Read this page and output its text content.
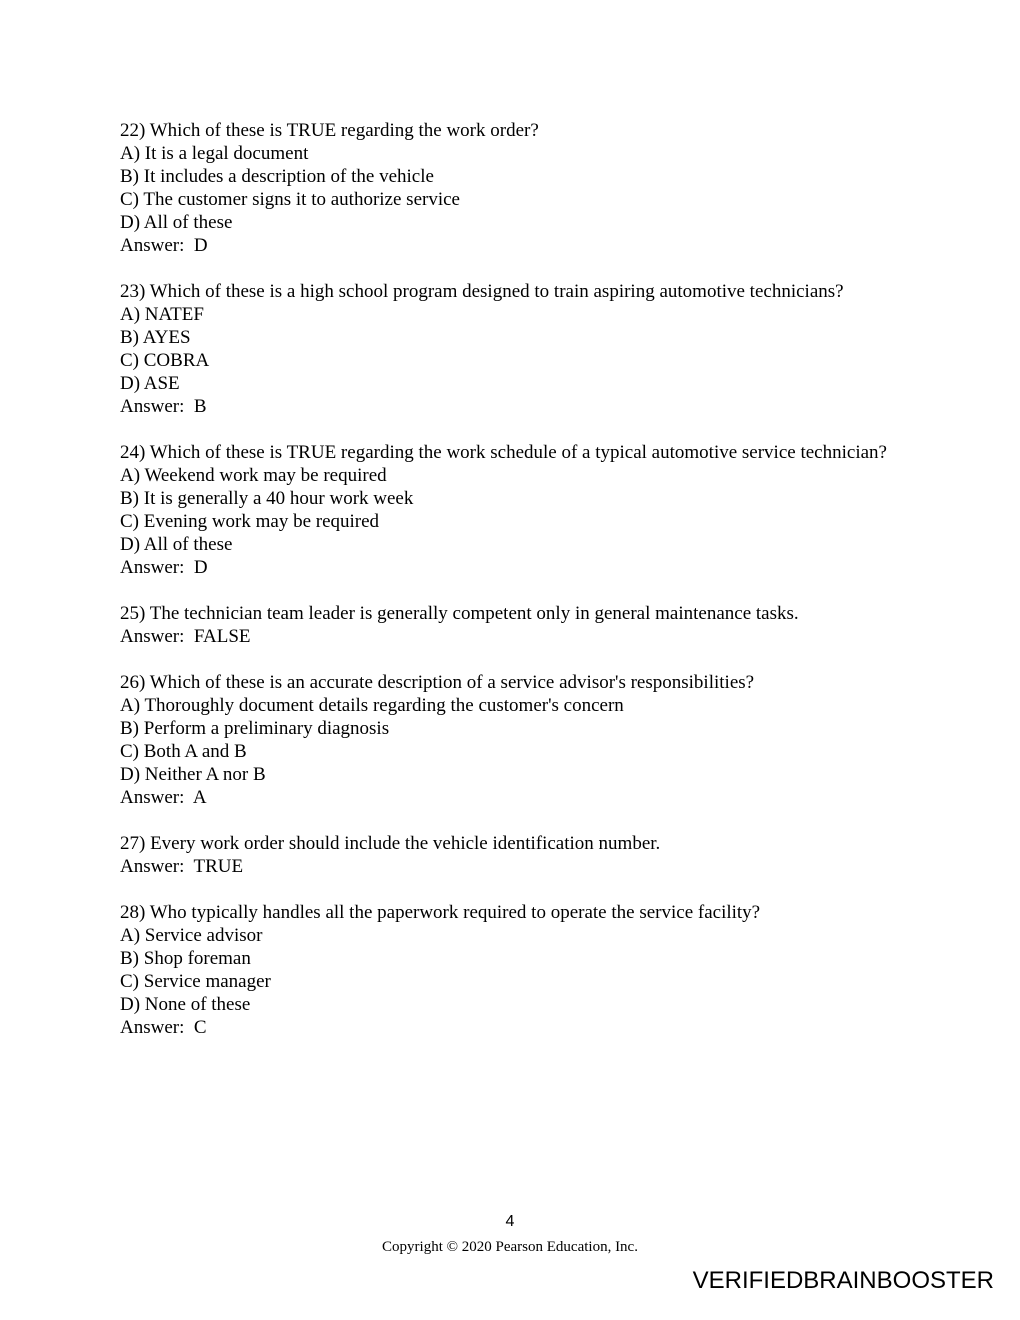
22) Which of these is TRUE regarding the work order?

A) It is a legal document

B) It includes a description of the vehicle

C) The customer signs it to authorize service

D) All of these

Answer:  D

23) Which of these is a high school program designed to train aspiring automotive technicians?

A) NATEF

B) AYES

C) COBRA

D) ASE

Answer:  B

24) Which of these is TRUE regarding the work schedule of a typical automotive service technician?

A) Weekend work may be required

B) It is generally a 40 hour work week

C) Evening work may be required

D) All of these

Answer:  D

25) The technician team leader is generally competent only in general maintenance tasks.

Answer:  FALSE

26) Which of these is an accurate description of a service advisor's responsibilities?

A) Thoroughly document details regarding the customer's concern

B) Perform a preliminary diagnosis

C) Both A and B

D) Neither A nor B

Answer:  A

27) Every work order should include the vehicle identification number.

Answer:  TRUE

28) Who typically handles all the paperwork required to operate the service facility?

A) Service advisor

B) Shop foreman

C) Service manager

D) None of these

Answer:  C

4
Copyright © 2020 Pearson Education, Inc.
VERIFIEDBRAINBOOSTER
